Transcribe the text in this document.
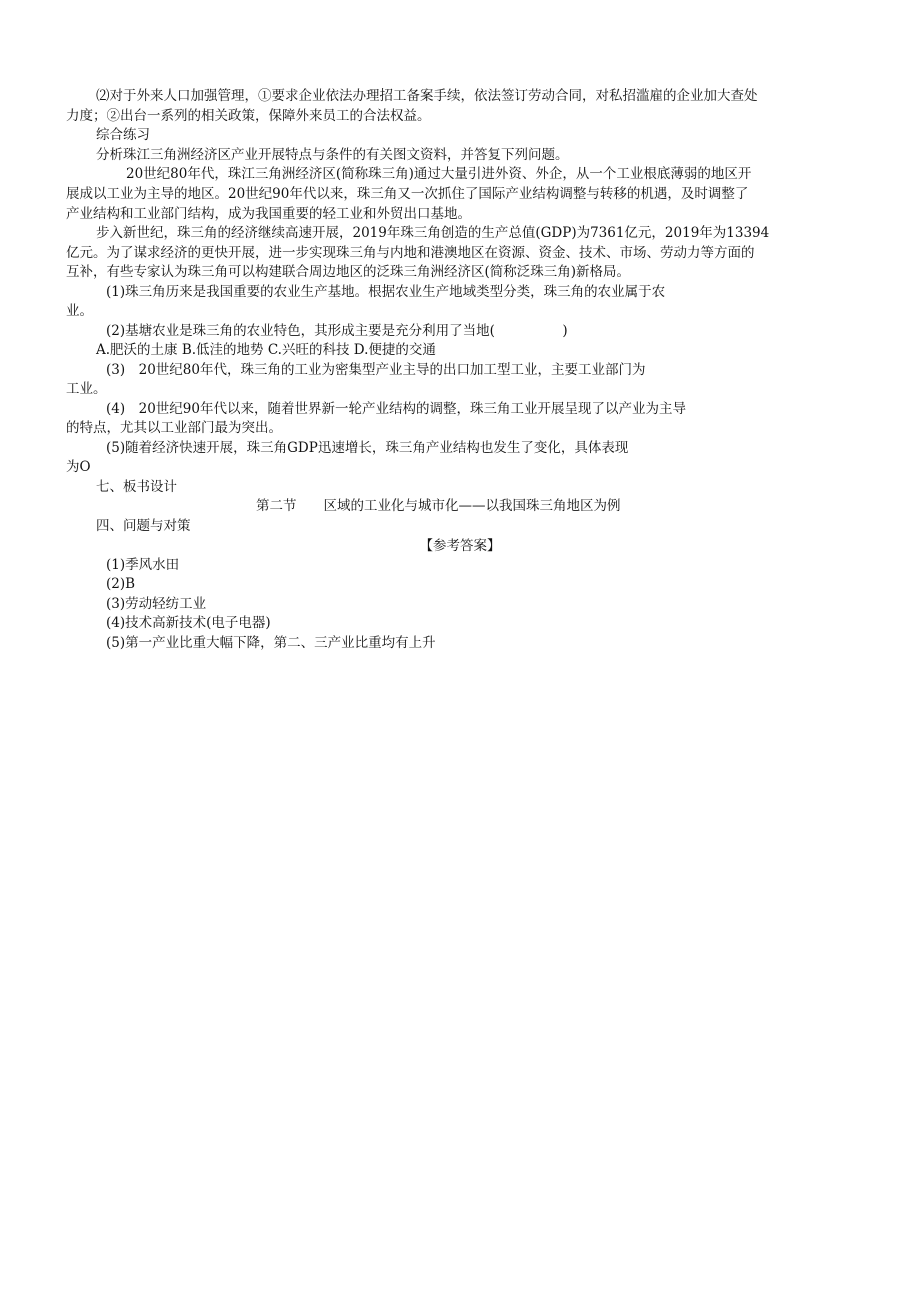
⑵对于外来人口加强管理，①要求企业依法办理招工备案手续，依法签订劳动合同，对私招滥雇的企业加大查处
力度；②出台一系列的相关政策，保障外来员工的合法权益。
综合练习
分析珠江三角洲经济区产业开展特点与条件的有关图文资料，并答复下列问题。
20世纪80年代，珠江三角洲经济区(简称珠三角)通过大量引进外资、外企，从一个工业根底薄弱的地区开
展成以工业为主导的地区。20世纪90年代以来，珠三角又一次抓住了国际产业结构调整与转移的机遇，及时调整了
产业结构和工业部门结构，成为我国重要的轻工业和外贸出口基地。
步入新世纪，珠三角的经济继续高速开展，2019年珠三角创造的生产总值(GDP)为7361亿元，2019年为13394
亿元。为了谋求经济的更快开展，进一步实现珠三角与内地和港澳地区在资源、资金、技术、市场、劳动力等方面的
互补，有些专家认为珠三角可以构建联合周边地区的泛珠三角洲经济区(简称泛珠三角)新格局。
(1)珠三角历来是我国重要的农业生产基地。根据农业生产地域类型分类，珠三角的农业属于农
业。
(2)基塘农业是珠三角的农业特色，其形成主要是充分利用了当地(　　　　　)
A.肥沃的土康 B.低洼的地势 C.兴旺的科技 D.便捷的交通
(3)　20世纪80年代，珠三角的工业为密集型产业主导的出口加工型工业，主要工业部门为
工业。
(4)　20世纪90年代以来，随着世界新一轮产业结构的调整，珠三角工业开展呈现了以产业为主导
的特点，尤其以工业部门最为突出。
(5)随着经济快速开展，珠三角GDP迅速增长，珠三角产业结构也发生了变化，具体表现
为O
七、板书设计
第二节　　区域的工业化与城市化——以我国珠三角地区为例
四、问题与对策
【参考答案】
(1)季风水田
(2)B
(3)劳动轻纺工业
(4)技术高新技术(电子电器)
(5)第一产业比重大幅下降，第二、三产业比重均有上升
